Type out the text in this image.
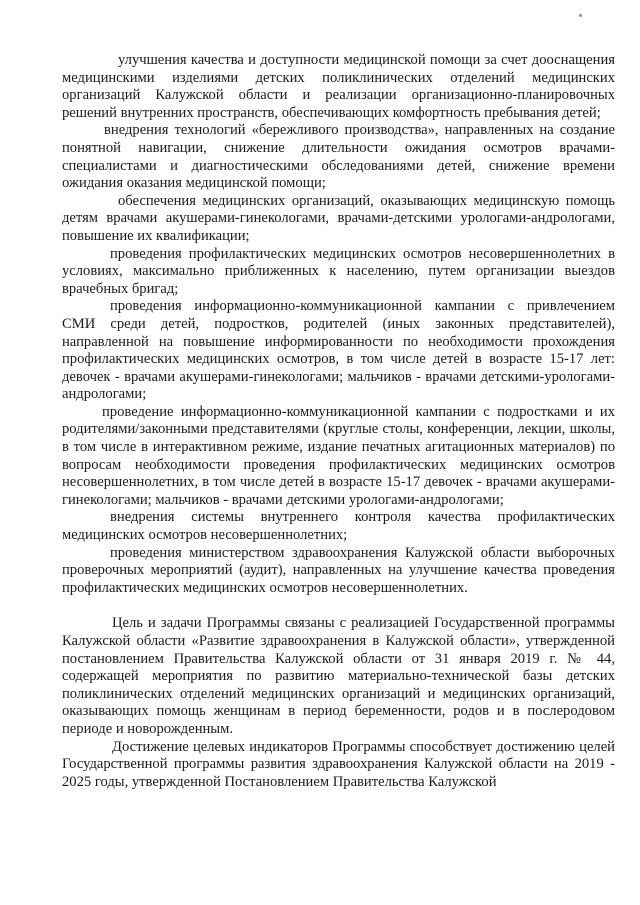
улучшения качества и доступности медицинской помощи за счет дооснащения медицинскими изделиями детских поликлинических отделений медицинских организаций Калужской области и реализации организационно-планировочных решений внутренних пространств, обеспечивающих комфортность пребывания детей;

внедрения технологий «бережливого производства», направленных на создание понятной навигации, снижение длительности ожидания осмотров врачами-специалистами и диагностическими обследованиями детей, снижение времени ожидания оказания медицинской помощи;

обеспечения медицинских организаций, оказывающих медицинскую помощь детям врачами акушерами-гинекологами, врачами-детскими урологами-андрологами, повышение их квалификации;

проведения профилактических медицинских осмотров несовершеннолетних в условиях, максимально приближенных к населению, путем организации выездов врачебных бригад;

проведения информационно-коммуникационной кампании с привлечением СМИ среди детей, подростков, родителей (иных законных представителей), направленной на повышение информированности по необходимости прохождения профилактических медицинских осмотров, в том числе детей в возрасте 15-17 лет: девочек - врачами акушерами-гинекологами; мальчиков - врачами детскими-урологами-андрологами;

проведение информационно-коммуникационной кампании с подростками и их родителями/законными представителями (круглые столы, конференции, лекции, школы, в том числе в интерактивном режиме, издание печатных агитационных материалов) по вопросам необходимости проведения профилактических медицинских осмотров несовершеннолетних, в том числе детей в возрасте 15-17 девочек - врачами акушерами-гинекологами; мальчиков - врачами детскими урологами-андрологами;

внедрения системы внутреннего контроля качества профилактических медицинских осмотров несовершеннолетних;

проведения министерством здравоохранения Калужской области выборочных проверочных мероприятий (аудит), направленных на улучшение качества проведения профилактических медицинских осмотров несовершеннолетних.

Цель и задачи Программы связаны с реализацией Государственной программы Калужской области «Развитие здравоохранения в Калужской области», утвержденной постановлением Правительства Калужской области от 31 января 2019 г. № 44, содержащей мероприятия по развитию материально-технической базы детских поликлинических отделений медицинских организаций и медицинских организаций, оказывающих помощь женщинам в период беременности, родов и в послеродовом периоде и новорожденным.

Достижение целевых индикаторов Программы способствует достижению целей Государственной программы развития здравоохранения Калужской области на 2019 - 2025 годы, утвержденной Постановлением Правительства Калужской
